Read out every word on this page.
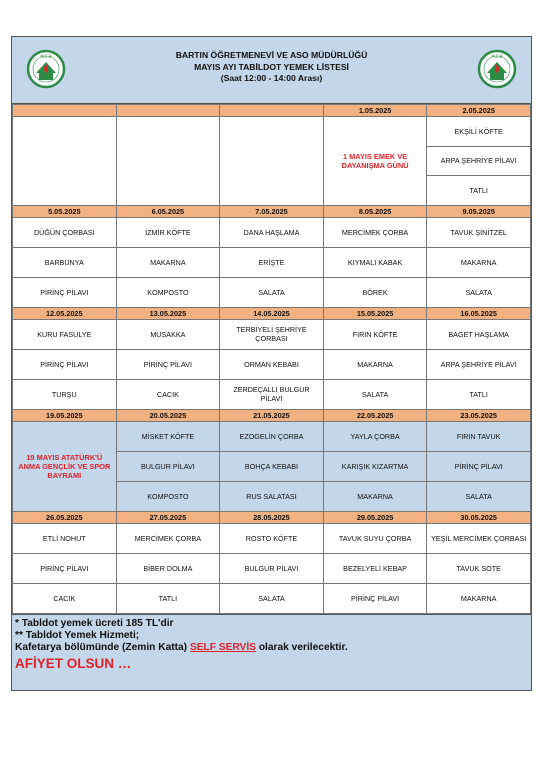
M.E.B	BARTIN ÖĞRETMENEVİ VE ASO MÜDÜRLÜĞÜ
MAYIS AYI TABİLDOT YEMEK LİSTESİ
(Saat 12:00 - 14:00 Arası)
M.E.B
			1.05.2025	2.05.2025
			1 MAYIS EMEK VE DAYANIŞMA GÜNÜ	EKŞİLİ KÖFTE
				ARPA ŞEHRİYE PİLAVI
				TATLI
5.05.2025	6.05.2025	7.05.2025	8.05.2025	9.05.2025
DÜĞÜN ÇORBASI	İZMİR KÖFTE	DANA HAŞLAMA	MERCİMEK ÇORBA	TAVUK ŞİNİTZEL
BARBUNYA	MAKARNA	ERİŞTE	KIYMALI KABAK	MAKARNA
PİRİNÇ PİLAVI	KOMPOSTO	SALATA	BÖREK	SALATA
12.05.2025	13.05.2025	14.05.2025	15.05.2025	16.05.2025
KURU FASULYE	MUSAKKA	TERBİYELİ ŞEHRİYE ÇORBASI	FIRIN KÖFTE	BAGET HAŞLAMA
PİRİNÇ PİLAVI	PİRİNÇ PİLAVI	ORMAN KEBABI	MAKARNA	ARPA ŞEHRİYE PİLAVI
TURŞU	CACIK	ZERDEÇALLI BULGUR PİLAVI	SALATA	TATLI
19.05.2025	20.05.2025	21.05.2025	22.05.2025	23.05.2025
19 MAYIS ATATÜRK'Ü ANMA GENÇLİK VE SPOR BAYRAMI	MİSKET KÖFTE	EZOGELİN ÇORBA	YAYLA ÇORBA	FIRIN TAVUK
	BULGUR PİLAVI	BOHÇA KEBABI	KARIŞIK KIZARTMA	PİRİNÇ PİLAVI
	KOMPOSTO	RUS SALATASI	MAKARNA	SALATA
26.05.2025	27.05.2025	28.05.2025	29.05.2025	30.05.2025
ETLİ NOHUT	MERCİMEK ÇORBA	ROSTO KÖFTE	TAVUK SUYU ÇORBA	YEŞİL MERCİMEK ÇORBASI
PİRİNÇ PİLAVI	BİBER DOLMA	BULGUR PİLAVI	BEZELYELİ KEBAP	TAVUK SOTE
CACIK	TATLI	SALATA	PİRİNÇ PİLAVI	MAKARNA
* Tabldot yemek ücreti 185 TL'dir
** Tabldot Yemek Hizmeti;
Kafetarya bölümünde (Zemin Katta) SELF SERVİS olarak verilecektir.
AFİYET OLSUN …
